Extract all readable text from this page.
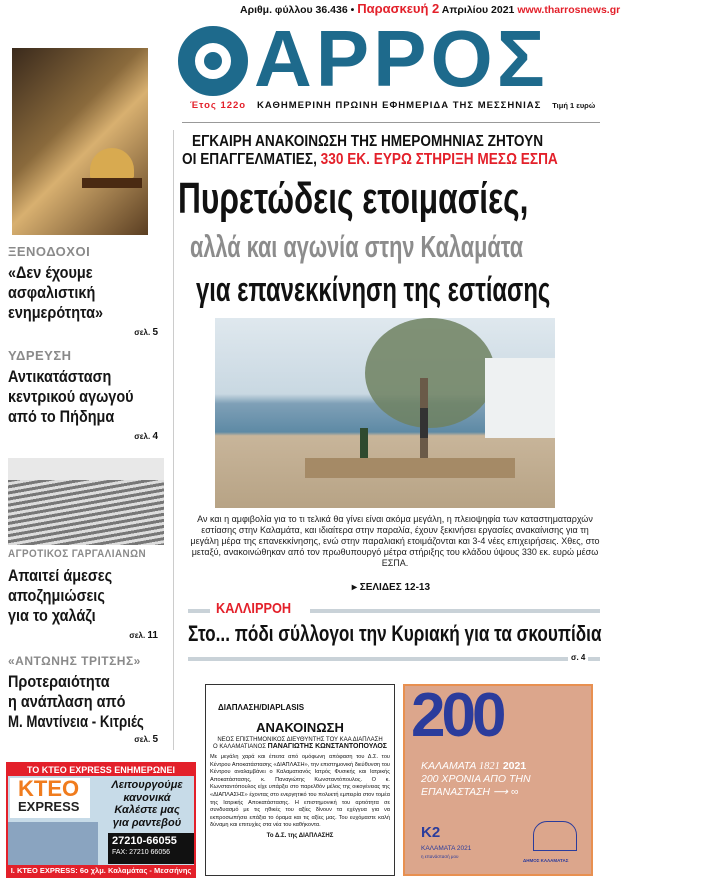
Αριθμ. φύλλου 36.436 • Παρασκευή 2 Απριλίου 2021 www.tharrosnews.gr
ΑΡΡΟΣ
Έτος 122ο ΚΑΘΗΜΕΡΙΝΗ ΠΡΩΙΝΗ ΕΦΗΜΕΡΙΔΑ ΤΗΣ ΜΕΣΣΗΝΙΑΣ Τιμή 1 ευρώ
ΕΓΚΑΙΡΗ ΑΝΑΚΟΙΝΩΣΗ ΤΗΣ ΗΜΕΡΟΜΗΝΙΑΣ ΖΗΤΟΥΝ
ΟΙ ΕΠΑΓΓΕΛΜΑΤΙΕΣ, 330 ΕΚ. ΕΥΡΩ ΣΤΗΡΙΞΗ ΜΕΣΩ ΕΣΠΑ
Πυρετώδεις ετοιμασίες,
αλλά και αγωνία στην Καλαμάτα
για επανεκκίνηση της εστίασης
Αν και η αμφιβολία για το τι τελικά θα γίνει είναι ακόμα μεγάλη, η πλειοψηφία των καταστηματαρχών εστίασης στην Καλαμάτα, και ιδιαίτερα στην παραλία, έχουν ξεκινήσει εργασίες ανακαίνισης για τη μεγάλη μέρα της επανεκκίνησης, ενώ στην παραλιακή ετοιμάζονται και 3-4 νέες επιχειρήσεις. Χθες, στο μεταξύ, ανακοινώθηκαν από τον πρωθυπουργό μέτρα στήριξης του κλάδου ύψους 330 εκ. ευρώ μέσω ΕΣΠΑ.
▸ ΣΕΛΙΔΕΣ 12-13
ΚΑΛΛΙΡΡΟΗ
Στο... πόδι σύλλογοι την Κυριακή για τα σκουπίδια
σ. 4
ΞΕΝΟΔΟΧΟΙ
«Δεν έχουμε
ασφαλιστική
ενημερότητα»
σελ. 5
ΥΔΡΕΥΣΗ
Αντικατάσταση
κεντρικού αγωγού
από το Πήδημα
σελ. 4
ΑΓΡΟΤΙΚΟΣ ΓΑΡΓΑΛΙΑΝΩΝ
Απαιτεί άμεσες
αποζημιώσεις
για το χαλάζι
σελ. 11
«ΑΝΤΩΝΗΣ ΤΡΙΤΣΗΣ»
Προτεραιότητα
η ανάπλαση από
Μ. Μαντίνεια - Κιτριές
σελ. 5
ΤΟ ΚΤΕΟ EXPRESS ΕΝΗΜΕΡΩΝΕΙ
ΚΤΕΟ
EXPRESS
Λειτουργούμε
κανονικά
Καλέστε μας
για ραντεβού
27210-66055
FAX: 27210 66056
Ι. ΚΤΕΟ EXPRESS: 6ο χλμ. Καλαμάτας - Μεσσήνης
ΔΙΑΠΛΑΣΗ/DIAPLASIS
ΑΝΑΚΟΙΝΩΣΗ
ΝΕΟΣ ΕΠΙΣΤΗΜΟΝΙΚΟΣ ΔΙΕΥΘΥΝΤΗΣ ΤΟΥ ΚΑΑ ΔΙΑΠΛΑΣΗ
Ο ΚΑΛΑΜΑΤΙΑΝΟΣ ΠΑΝΑΓΙΩΤΗΣ ΚΩΝΣΤΑΝΤΟΠΟΥΛΟΣ
Με μεγάλη χαρά και έπειτα από ομόφωνη απόφαση του Δ.Σ. του Κέντρου Αποκατάστασης «ΔΙΑΠΛΑΣΗ», την επιστημονική διεύθυνση του Κέντρου αναλαμβάνει ο Καλαματιανός Ιατρός Φυσικής και Ιατρικής Αποκατάστασης, κ. Παναγιώτης Κωνσταντόπουλος. Ο κ. Κωνσταντόπουλος είχε υπάρξει στο παρελθόν μέλος της οικογένειας της «ΔΙΑΠΛΑΣΗΣ» έχοντας στο ενεργητικό του πολυετή εμπειρία στον τομέα της Ιατρικής Αποκατάστασης. Η επιστημονική του αρτιότητα σε συνδυασμό με τις ηθικές του αξίες δίνουν τα εχέγγυα για να εκπροσωπήσει επάξια το όραμα και τις αξίες μας. Του ευχόμαστε καλή δύναμη και επιτυχίες στα νέα του καθήκοντα.
Το Δ.Σ. της ΔΙΑΠΛΑΣΗΣ
200
ΚΑΛΑΜΑΤΑ 1821 2021
200 ΧΡΟΝΙΑ ΑΠΟ ΤΗΝ
ΕΠΑΝΑΣΤΑΣΗ ⟶ ∞
K2
ΚΑΛΑΜΑΤΑ 2021
η επανάστασή μου
ΔΗΜΟΣ ΚΑΛΑΜΑΤΑΣ
